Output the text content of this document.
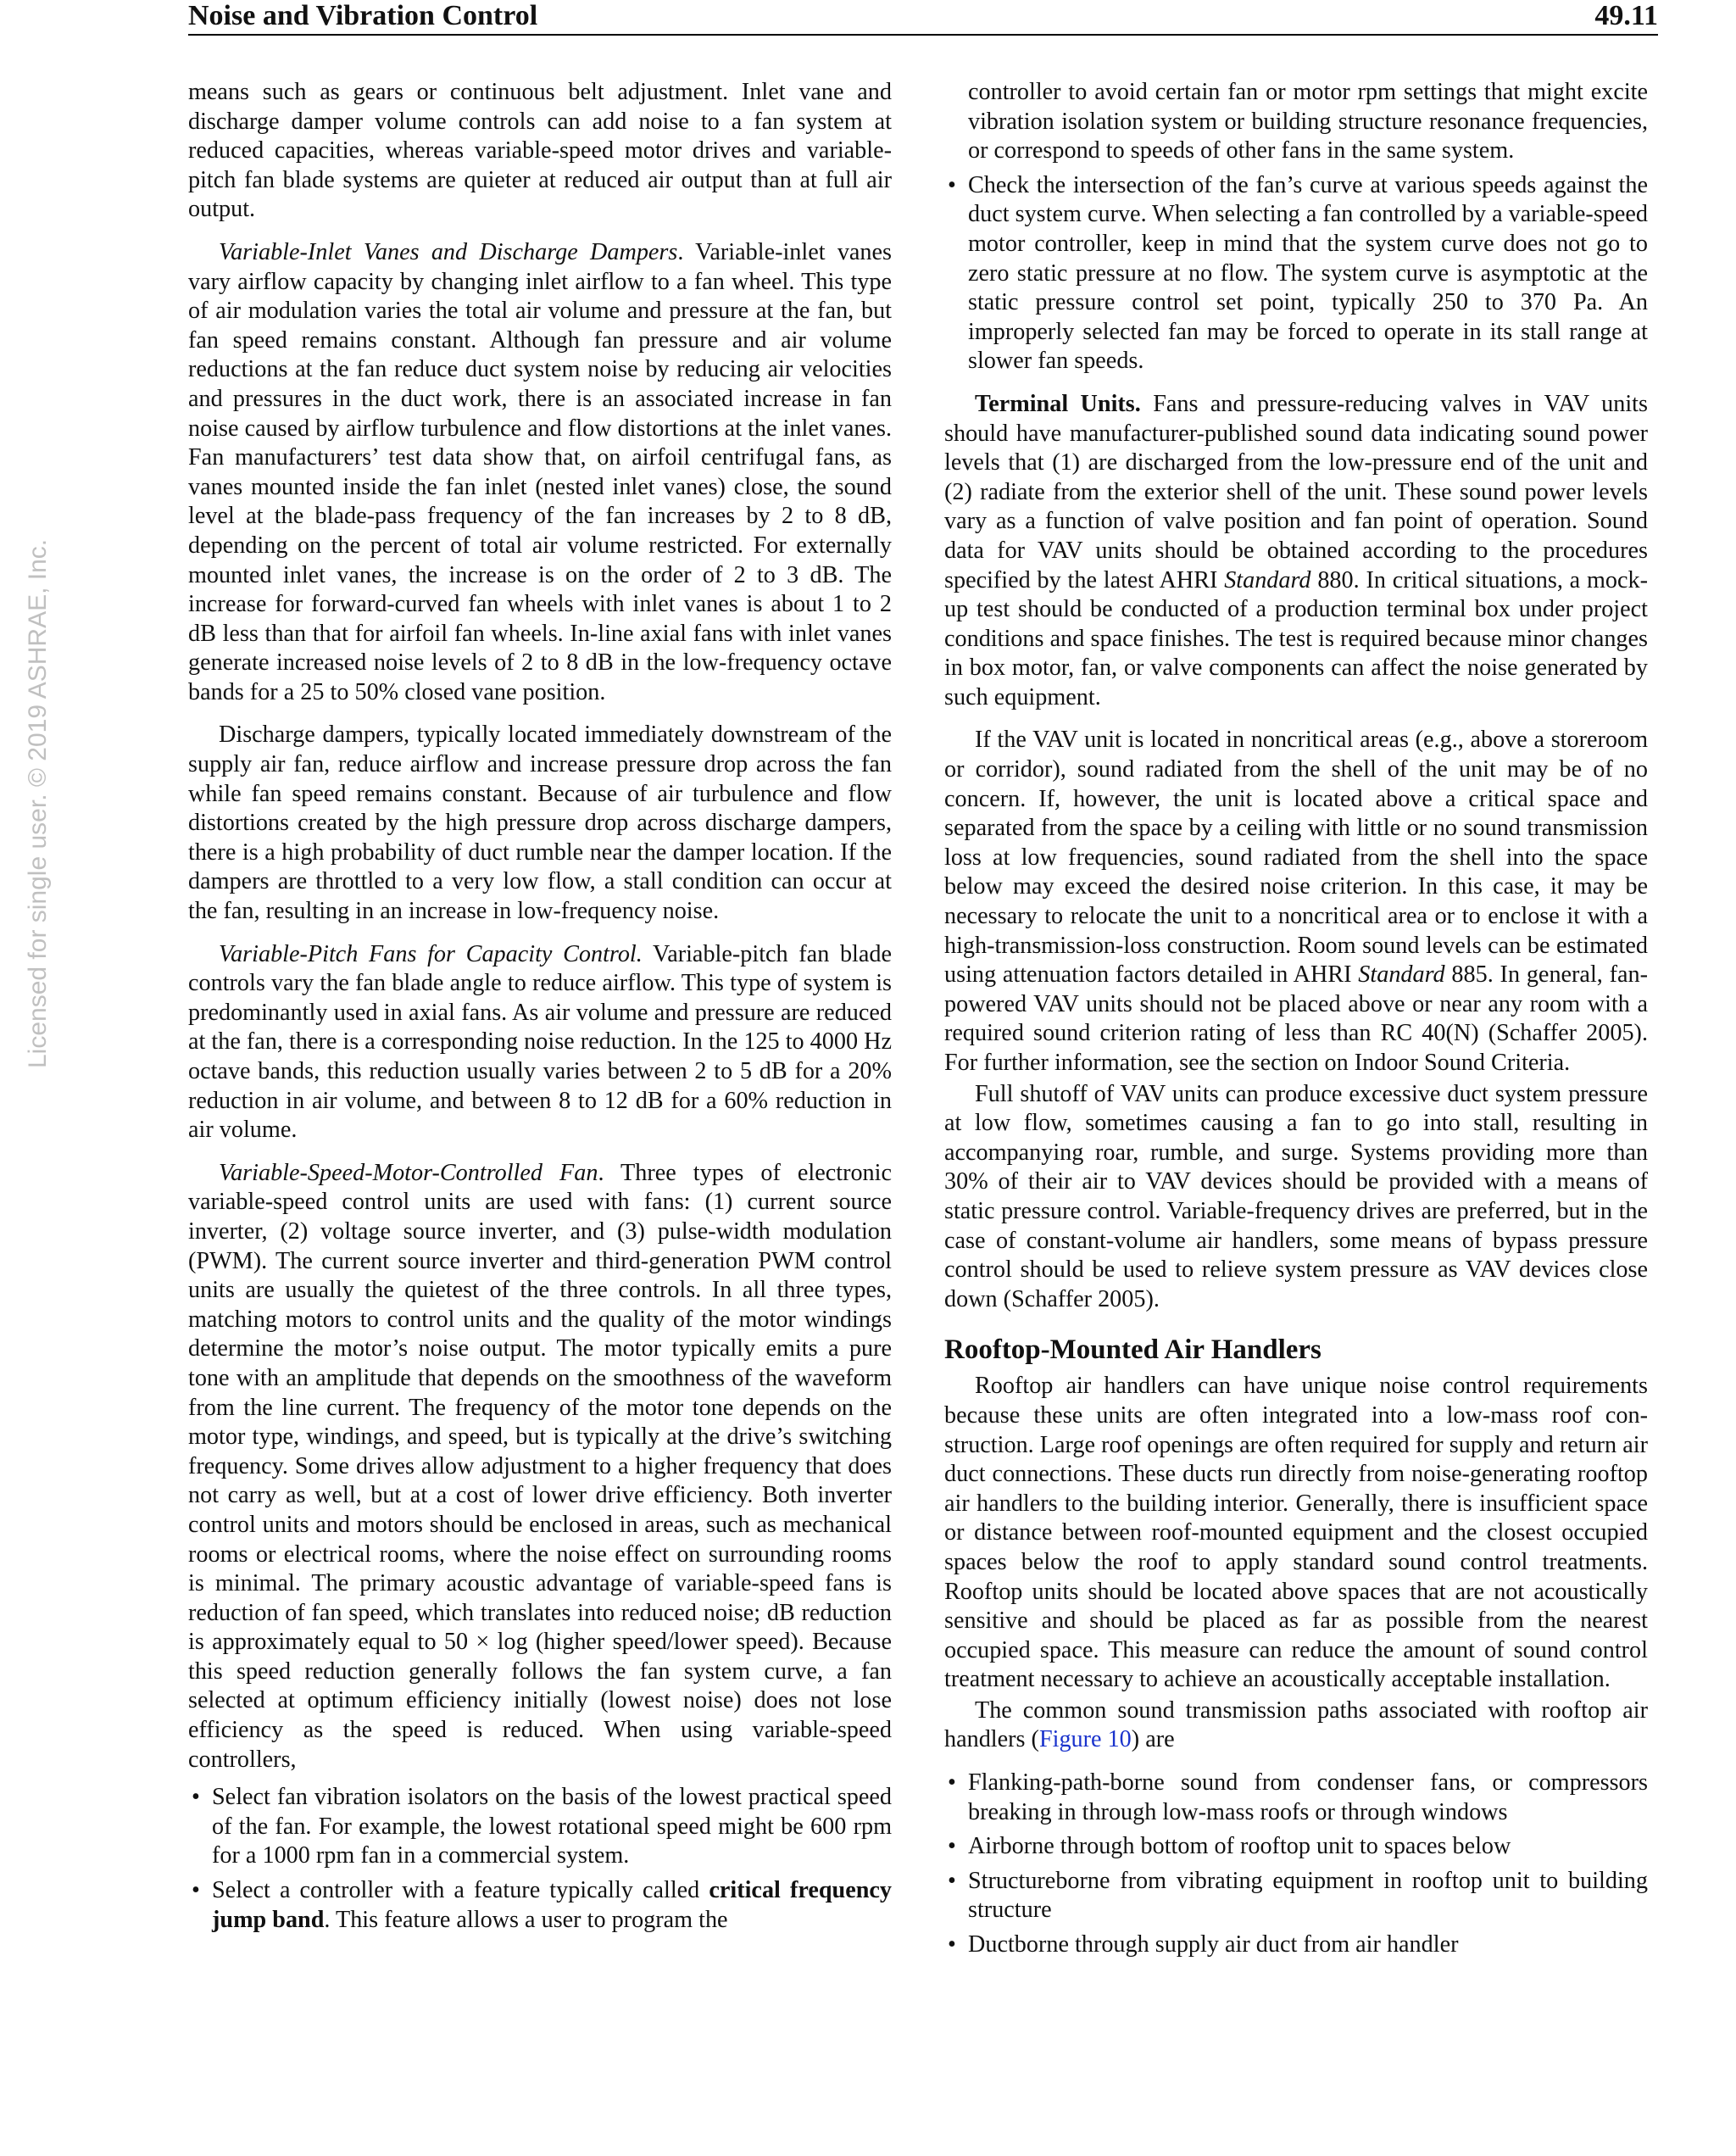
Noise and Vibration Control	49.11
Licensed for single user. © 2019 ASHRAE, Inc.

means such as gears or continuous belt adjustment. Inlet vane and discharge damper volume controls can add noise to a fan system at reduced capacities, whereas variable-speed motor drives and variable-pitch fan blade systems are quieter at reduced air output than at full air output.

Variable-Inlet Vanes and Discharge Dampers. Variable-inlet vanes vary airflow capacity by changing inlet airflow to a fan wheel. This type of air modulation varies the total air volume and pressure at the fan, but fan speed remains constant. Although fan pressure and air volume reductions at the fan reduce duct system noise by reducing air velocities and pressures in the duct work, there is an associated increase in fan noise caused by airflow turbulence and flow distortions at the inlet vanes. Fan manufacturers’ test data show that, on airfoil centrifugal fans, as vanes mounted inside the fan inlet (nested inlet vanes) close, the sound level at the blade-pass frequency of the fan increases by 2 to 8 dB, depending on the percent of total air volume restricted. For externally mounted inlet vanes, the increase is on the order of 2 to 3 dB. The increase for forward-curved fan wheels with inlet vanes is about 1 to 2 dB less than that for airfoil fan wheels. In-line axial fans with inlet vanes generate increased noise levels of 2 to 8 dB in the low-frequency octave bands for a 25 to 50% closed vane position.

Discharge dampers, typically located immediately downstream of the supply air fan, reduce airflow and increase pressure drop across the fan while fan speed remains constant. Because of air turbulence and flow distortions created by the high pressure drop across discharge dampers, there is a high probability of duct rumble near the damper location. If the dampers are throttled to a very low flow, a stall condition can occur at the fan, resulting in an increase in low-frequency noise.

Variable-Pitch Fans for Capacity Control. Variable-pitch fan blade controls vary the fan blade angle to reduce airflow. This type of system is predominantly used in axial fans. As air volume and pressure are reduced at the fan, there is a corresponding noise reduction. In the 125 to 4000 Hz octave bands, this reduction usually varies between 2 to 5 dB for a 20% reduction in air volume, and between 8 to 12 dB for a 60% reduction in air volume.

Variable-Speed-Motor-Controlled Fan. Three types of electronic variable-speed control units are used with fans: (1) current source inverter, (2) voltage source inverter, and (3) pulse-width modulation (PWM). The current source inverter and third-generation PWM control units are usually the quietest of the three controls. In all three types, matching motors to control units and the quality of the motor windings determine the motor’s noise output. The motor typically emits a pure tone with an amplitude that depends on the smoothness of the waveform from the line current. The frequency of the motor tone depends on the motor type, windings, and speed, but is typically at the drive’s switching frequency. Some drives allow adjustment to a higher frequency that does not carry as well, but at a cost of lower drive efficiency. Both inverter control units and motors should be enclosed in areas, such as mechanical rooms or electrical rooms, where the noise effect on surrounding rooms is minimal. The primary acoustic advantage of variable-speed fans is reduction of fan speed, which translates into reduced noise; dB reduction is approximately equal to 50 × log (higher speed/lower speed). Because this speed reduction generally follows the fan system curve, a fan selected at optimum efficiency initially (lowest noise) does not lose efficiency as the speed is reduced. When using variable-speed controllers,

• Select fan vibration isolators on the basis of the lowest practical speed of the fan. For example, the lowest rotational speed might be 600 rpm for a 1000 rpm fan in a commercial system.
• Select a controller with a feature typically called critical frequency jump band. This feature allows a user to program the

controller to avoid certain fan or motor rpm settings that might excite vibration isolation system or building structure resonance frequencies, or correspond to speeds of other fans in the same system.

• Check the intersection of the fan’s curve at various speeds against the duct system curve. When selecting a fan controlled by a variable-speed motor controller, keep in mind that the system curve does not go to zero static pressure at no flow. The system curve is asymptotic at the static pressure control set point, typically 250 to 370 Pa. An improperly selected fan may be forced to operate in its stall range at slower fan speeds.

Terminal Units. Fans and pressure-reducing valves in VAV units should have manufacturer-published sound data indicating sound power levels that (1) are discharged from the low-pressure end of the unit and (2) radiate from the exterior shell of the unit. These sound power levels vary as a function of valve position and fan point of operation. Sound data for VAV units should be obtained according to the procedures specified by the latest AHRI Standard 880. In critical situations, a mock-up test should be conducted of a production terminal box under project conditions and space finishes. The test is required because minor changes in box motor, fan, or valve components can affect the noise generated by such equipment.

If the VAV unit is located in noncritical areas (e.g., above a storeroom or corridor), sound radiated from the shell of the unit may be of no concern. If, however, the unit is located above a critical space and separated from the space by a ceiling with little or no sound transmission loss at low frequencies, sound radiated from the shell into the space below may exceed the desired noise criterion. In this case, it may be necessary to relocate the unit to a noncritical area or to enclose it with a high-transmission-loss construction. Room sound levels can be estimated using attenuation factors detailed in AHRI Standard 885. In general, fan-powered VAV units should not be placed above or near any room with a required sound criterion rating of less than RC 40(N) (Schaffer 2005). For further information, see the section on Indoor Sound Criteria.

Full shutoff of VAV units can produce excessive duct system pressure at low flow, sometimes causing a fan to go into stall, resulting in accompanying roar, rumble, and surge. Systems providing more than 30% of their air to VAV devices should be provided with a means of static pressure control. Variable-frequency drives are preferred, but in the case of constant-volume air handlers, some means of bypass pressure control should be used to relieve system pressure as VAV devices close down (Schaffer 2005).

Rooftop-Mounted Air Handlers

Rooftop air handlers can have unique noise control requirements because these units are often integrated into a low-mass roof construction. Large roof openings are often required for supply and return air duct connections. These ducts run directly from noise-generating rooftop air handlers to the building interior. Generally, there is insufficient space or distance between roof-mounted equipment and the closest occupied spaces below the roof to apply standard sound control treatments. Rooftop units should be located above spaces that are not acoustically sensitive and should be placed as far as possible from the nearest occupied space. This measure can reduce the amount of sound control treatment necessary to achieve an acoustically acceptable installation.

The common sound transmission paths associated with rooftop air handlers (Figure 10) are

• Flanking-path-borne sound from condenser fans, or compressors breaking in through low-mass roofs or through windows
• Airborne through bottom of rooftop unit to spaces below
• Structureborne from vibrating equipment in rooftop unit to building structure
• Ductborne through supply air duct from air handler
